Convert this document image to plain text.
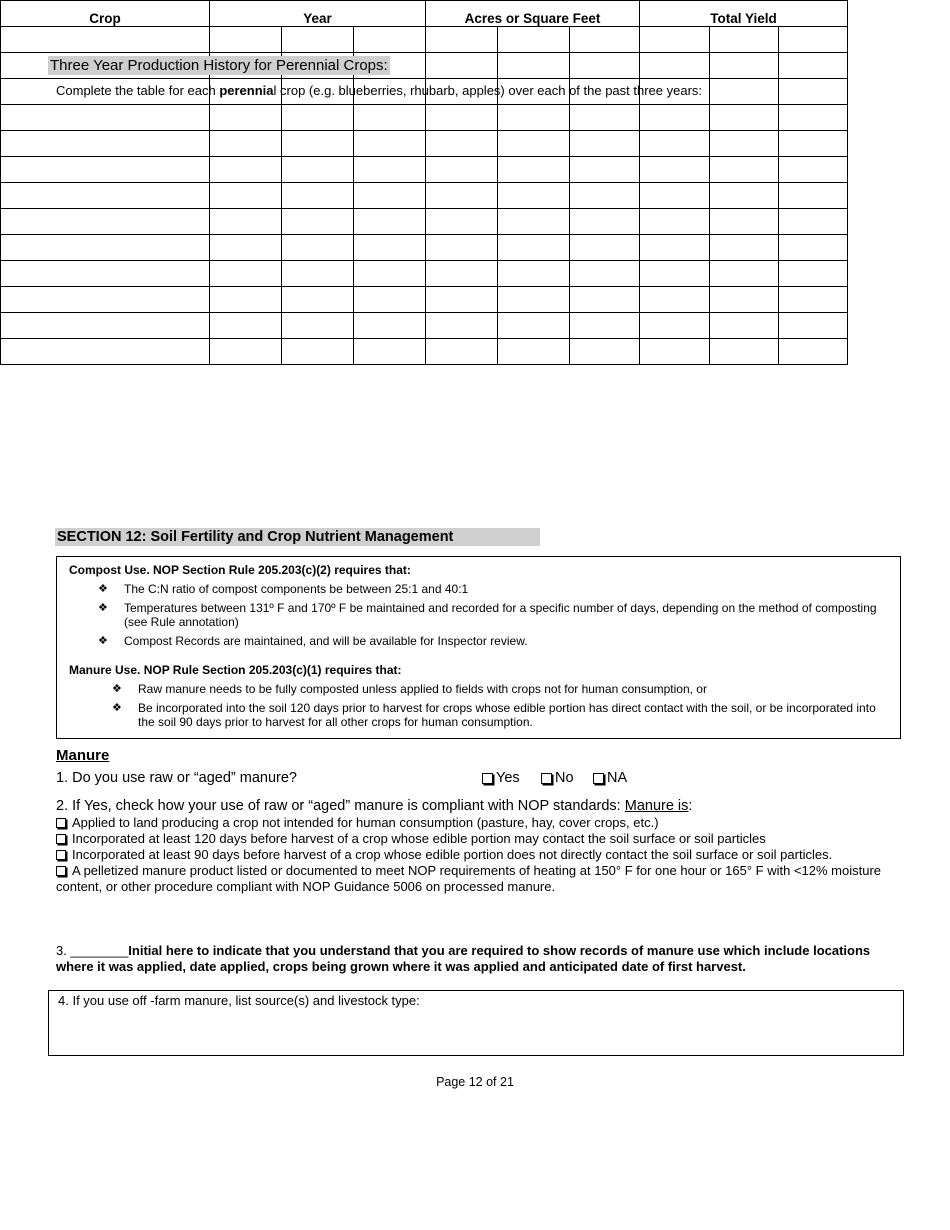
Three Year Production History for Perennial Crops:
Complete the table for each perennial crop (e.g. blueberries, rhubarb, apples) over each of the past three years:
Crop	Year			Acres or Square Feet			Total Yield		

SECTION 12: Soil Fertility and Crop Nutrient Management
Compost Use. NOP Section Rule 205.203(c)(2) requires that:
❖	The C:N ratio of compost components be between 25:1 and 40:1
❖	Temperatures between 131º F and 170º F be maintained and recorded for a specific number of days, depending on the method of composting (see Rule annotation)
❖	Compost Records are maintained, and will be available for Inspector review.
Manure Use. NOP Rule Section 205.203(c)(1) requires that:
❖	Raw manure needs to be fully composted unless applied to fields with crops not for human consumption, or
❖	Be incorporated into the soil 120 days prior to harvest for crops whose edible portion has direct contact with the soil, or be incorporated into the soil 90 days prior to harvest for all other crops for human consumption.
Manure
1. Do you use raw or “aged” manure?	Yes No NA
2. If Yes, check how your use of raw or “aged” manure is compliant with NOP standards: Manure is:
Applied to land producing a crop not intended for human consumption (pasture, hay, cover crops, etc.)
Incorporated at least 120 days before harvest of a crop whose edible portion may contact the soil surface or soil particles
Incorporated at least 90 days before harvest of a crop whose edible portion does not directly contact the soil surface or soil particles.
A pelletized manure product listed or documented to meet NOP requirements of heating at 150° F for one hour or 165° F with <12% moisture content, or other procedure compliant with NOP Guidance 5006 on processed manure.
3. ________Initial here to indicate that you understand that you are required to show records of manure use which include locations where it was applied, date applied, crops being grown where it was applied and anticipated date of first harvest.
4. If you use off -farm manure, list source(s) and livestock type:
Page 12 of 21
